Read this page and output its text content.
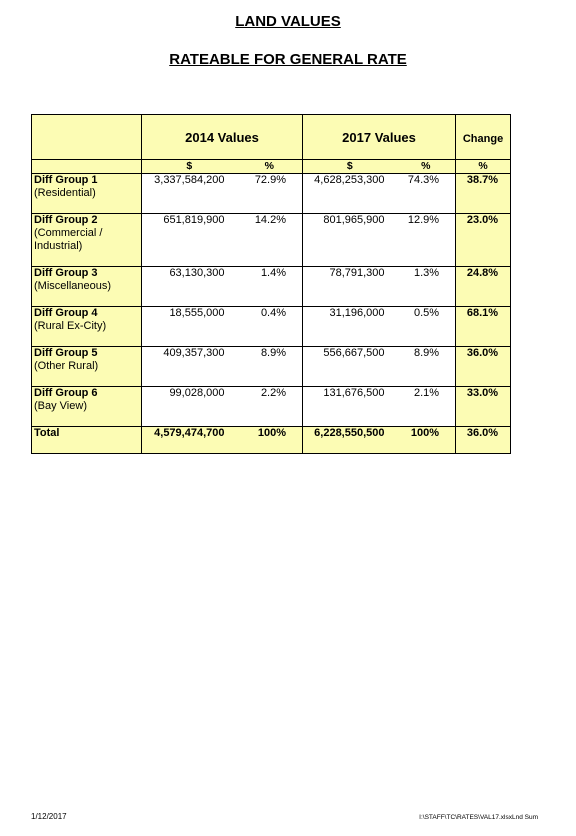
LAND VALUES
RATEABLE FOR GENERAL RATE
	2014 Values		2017 Values		Change
	$	%	$	%	%

Diff Group 1
(Residential)	3,337,584,200	72.9%	4,628,253,300	74.3%	38.7%

Diff Group 2
(Commercial /
Industrial)	651,819,900	14.2%	801,965,900	12.9%	23.0%

Diff Group 3
(Miscellaneous)	63,130,300	1.4%	78,791,300	1.3%	24.8%

Diff Group 4
(Rural Ex-City)	18,555,000	0.4%	31,196,000	0.5%	68.1%

Diff Group 5
(Other Rural)	409,357,300	8.9%	556,667,500	8.9%	36.0%

Diff Group 6
(Bay View)	99,028,000	2.2%	131,676,500	2.1%	33.0%
Total	4,579,474,700	100%	6,228,550,500	100%	36.0%
1/12/2017	I:\STAFF\TC\RATES\VAL17.xlsxLnd Sum
